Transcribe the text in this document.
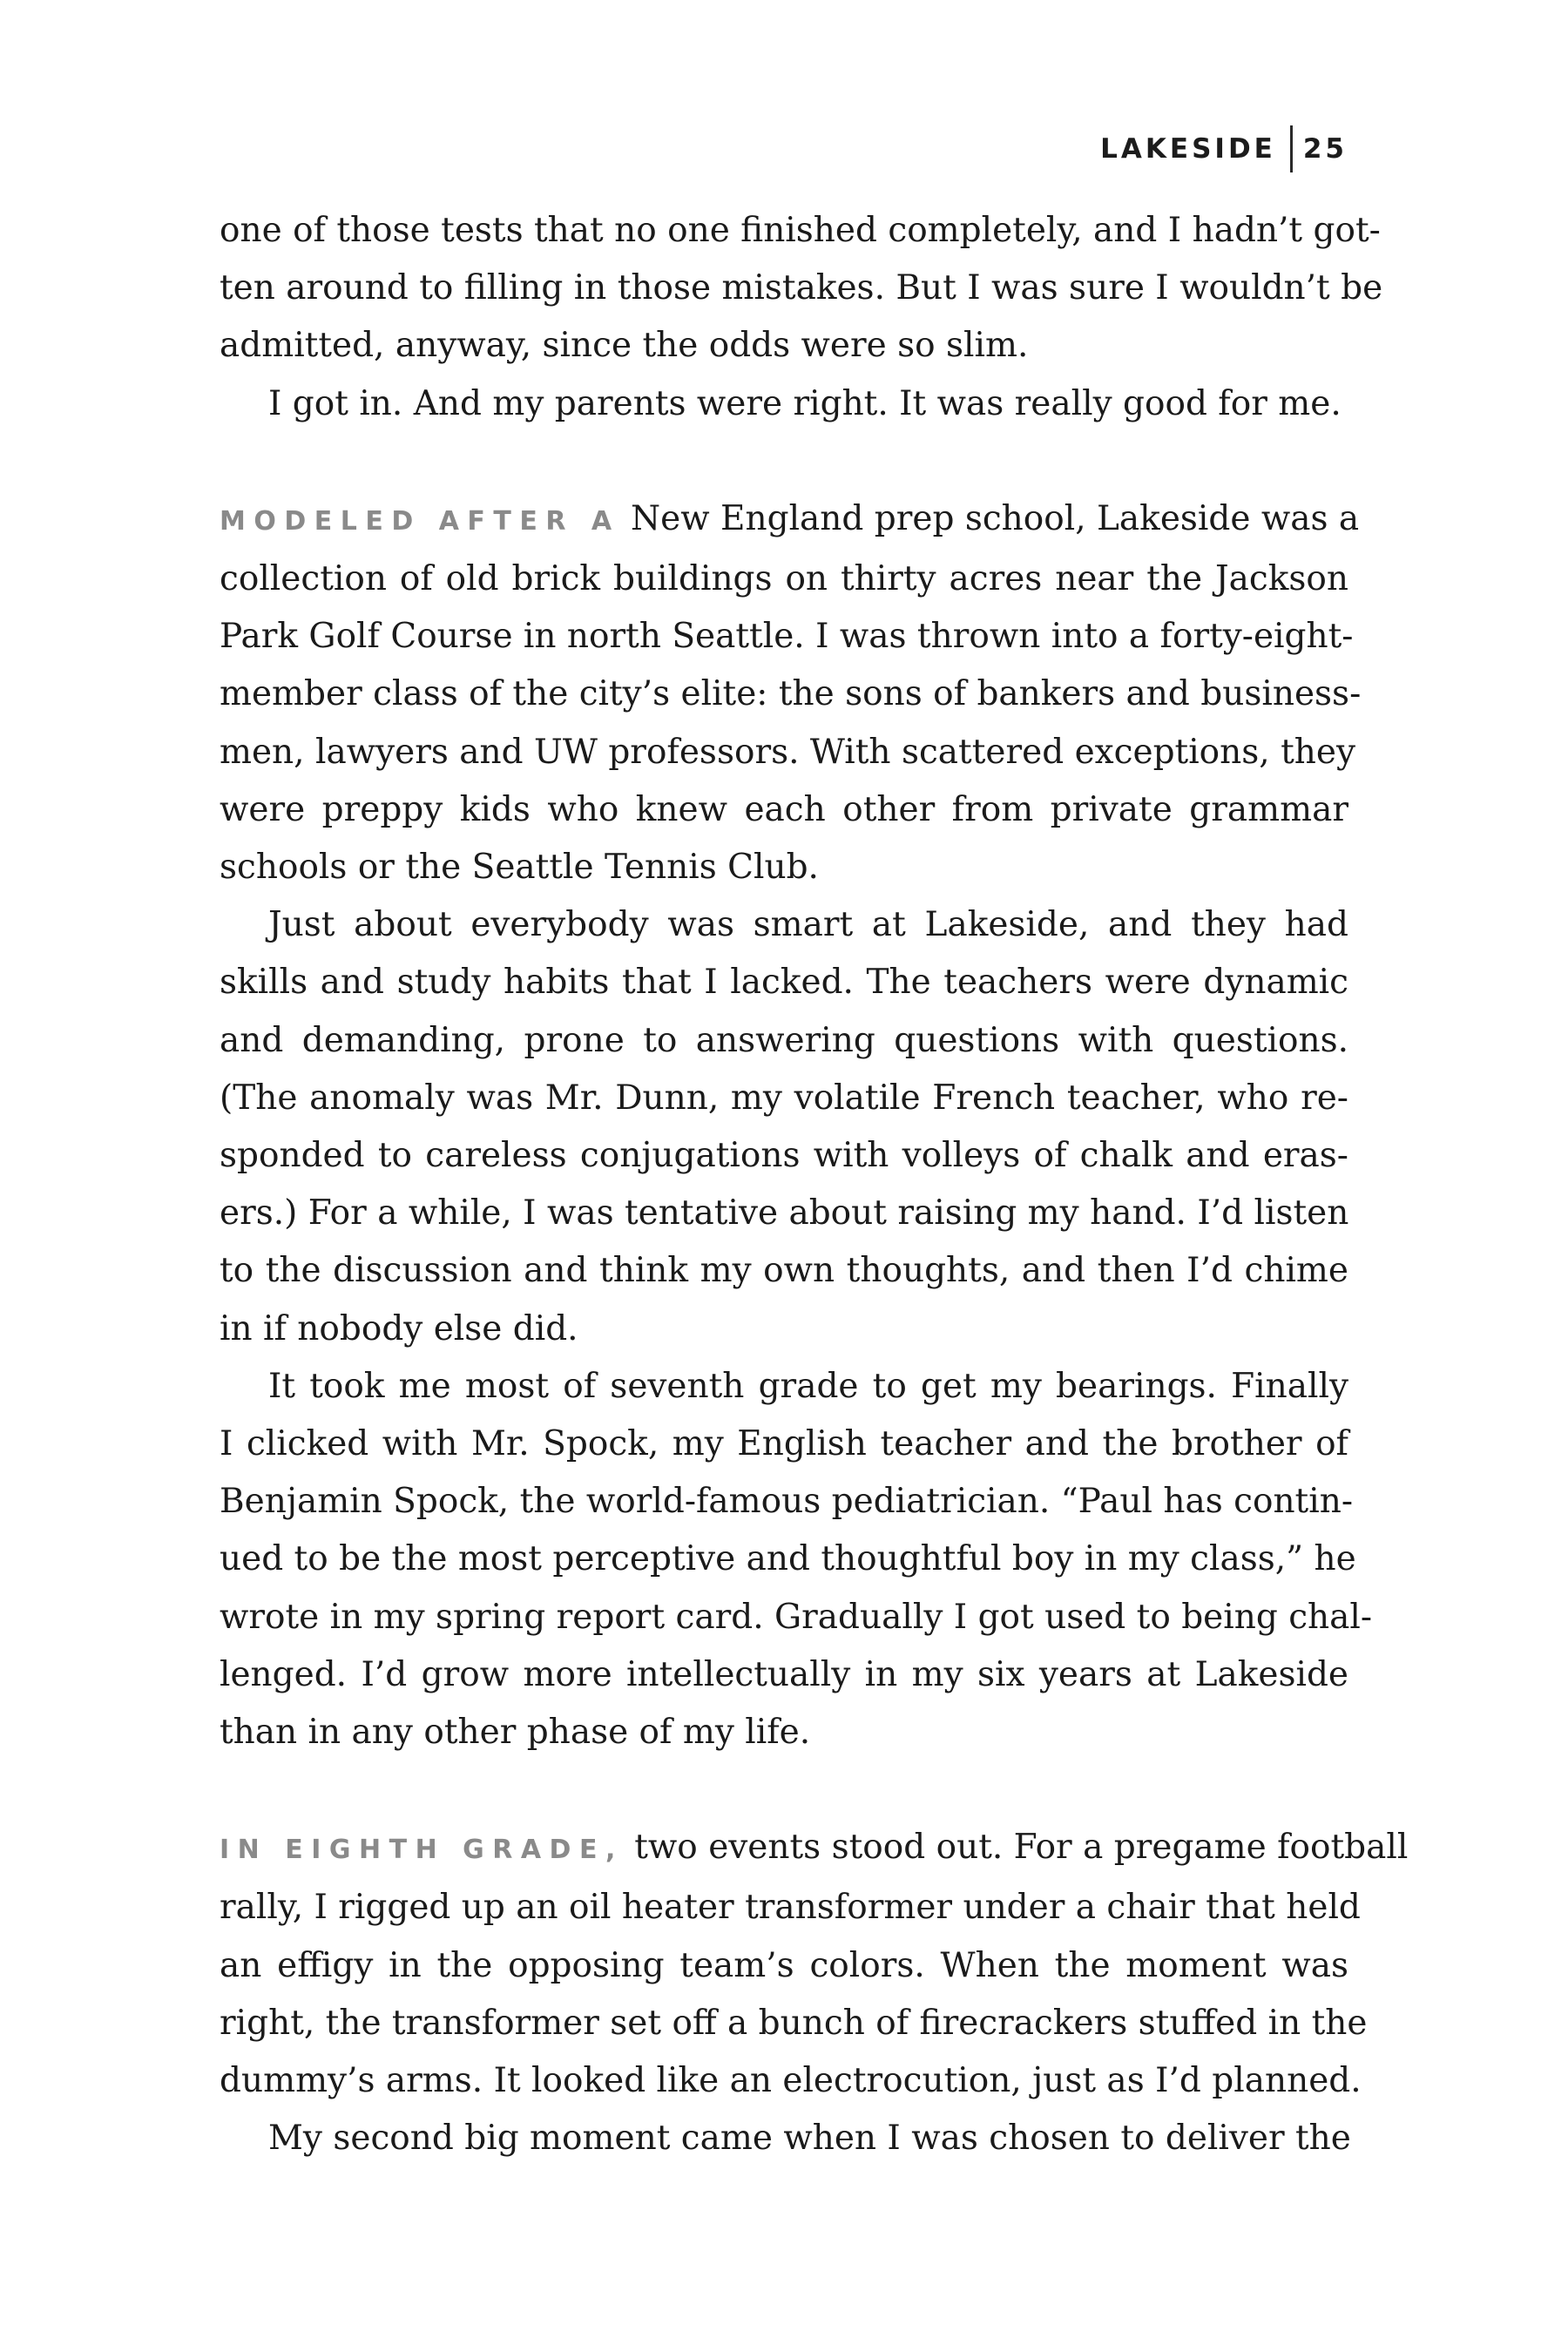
LAKESIDE 25

one of those tests that no one finished completely, and I hadn’t got-

ten around to filling in those mistakes. But I was sure I wouldn’t be

admitted, anyway, since the odds were so slim.

I got in. And my parents were right. It was really good for me.

MODELED AFTER A New England prep school, Lakeside was a

collection of old brick buildings on thirty acres near the Jackson

Park Golf Course in north Seattle. I was thrown into a forty-eight-

member class of the city’s elite: the sons of bankers and business-

men, lawyers and UW professors. With scattered exceptions, they

were preppy kids who knew each other from private grammar

schools or the Seattle Tennis Club.

Just about everybody was smart at Lakeside, and they had

skills and study habits that I lacked. The teachers were dynamic

and demanding, prone to answering questions with questions.

(The anomaly was Mr. Dunn, my volatile French teacher, who re-

sponded to careless conjugations with volleys of chalk and eras-

ers.) For a while, I was tentative about raising my hand. I’d listen

to the discussion and think my own thoughts, and then I’d chime

in if nobody else did.

It took me most of seventh grade to get my bearings. Finally

I clicked with Mr. Spock, my English teacher and the brother of

Benjamin Spock, the world-famous pediatrician. “Paul has contin-

ued to be the most perceptive and thoughtful boy in my class,” he

wrote in my spring report card. Gradually I got used to being chal-

lenged. I’d grow more intellectually in my six years at Lakeside

than in any other phase of my life.

IN EIGHTH GRADE, two events stood out. For a pregame football

rally, I rigged up an oil heater transformer under a chair that held

an effigy in the opposing team’s colors. When the moment was

right, the transformer set off a bunch of firecrackers stuffed in the

dummy’s arms. It looked like an electrocution, just as I’d planned.

My second big moment came when I was chosen to deliver the
